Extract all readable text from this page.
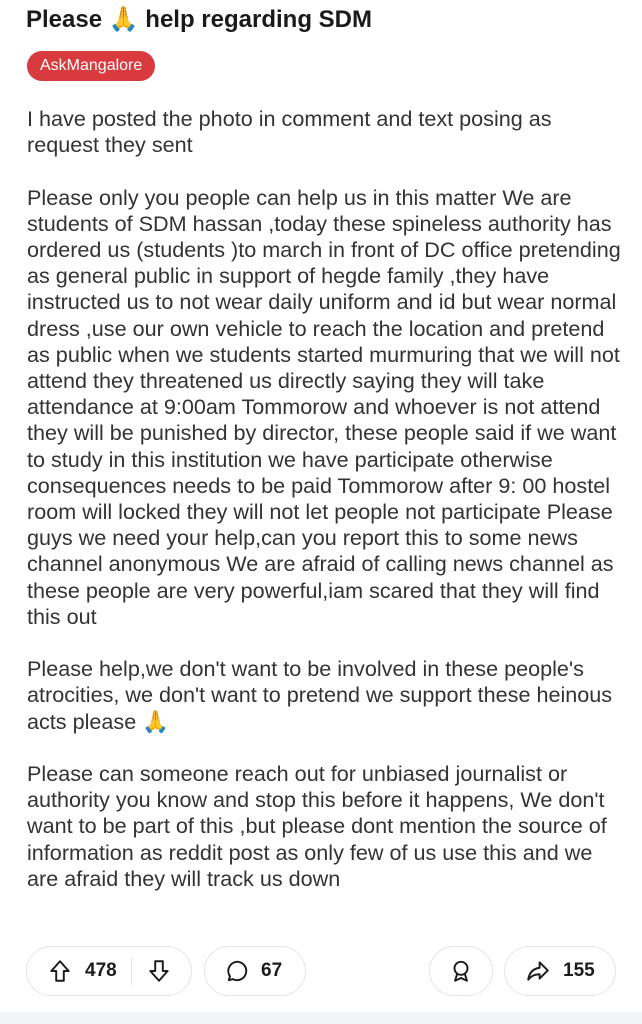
Please 🙏 help regarding SDM
AskMangalore

I have posted the photo in comment and text posing as request they sent

Please only you people can help us in this matter We are students of SDM hassan ,today these spineless authority has ordered us (students )to march in front of DC office pretending as general public in support of hegde family ,they have instructed us to not wear daily uniform and id but wear normal dress ,use our own vehicle to reach the location and pretend as public when we students started murmuring that we will not attend they threatened us directly saying they will take attendance at 9:00am Tommorow and whoever is not attend they will be punished by director, these people said if we want to study in this institution we have participate otherwise consequences needs to be paid Tommorow after 9: 00 hostel room will locked they will not let people not participate Please guys we need your help,can you report this to some news channel anonymous We are afraid of calling news channel as these people are very powerful,iam scared that they will find this out

Please help,we don't want to be involved in these people's atrocities, we don't want to pretend we support these heinous acts please 🙏

Please can someone reach out for unbiased journalist or authority you know and stop this before it happens, We don't want to be part of this ,but please dont mention the source of information as reddit post as only few of us use this and we are afraid they will track us down

478	67	155
